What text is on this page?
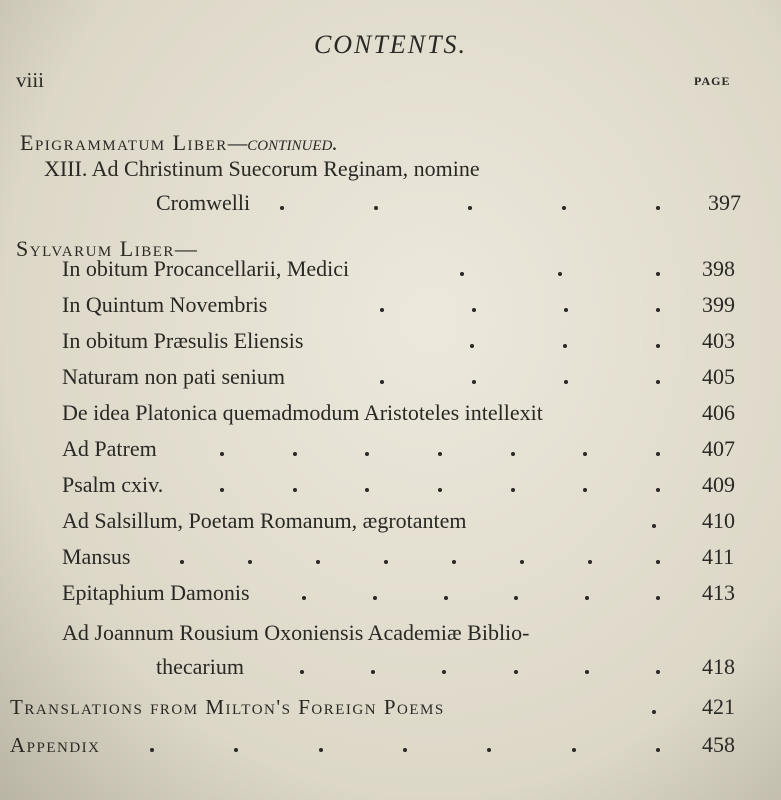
CONTENTS.
viii	PAGE
Epigrammatum Liber—continued.
XIII. Ad Christinum Suecorum Reginam, nomine
Cromwelli	397
Sylvarum Liber—
In obitum Procancellarii, Medici	398
In Quintum Novembris	399
In obitum Præsulis Eliensis	403
Naturam non pati senium	405
De idea Platonica quemadmodum Aristoteles intellexit	406
Ad Patrem	407
Psalm cxiv.	409
Ad Salsillum, Poetam Romanum, ægrotantem	410
Mansus	411
Epitaphium Damonis	413
Ad Joannum Rousium Oxoniensis Academiæ Biblio-
thecarium	418
Translations from Milton's Foreign Poems	421
Appendix	458
